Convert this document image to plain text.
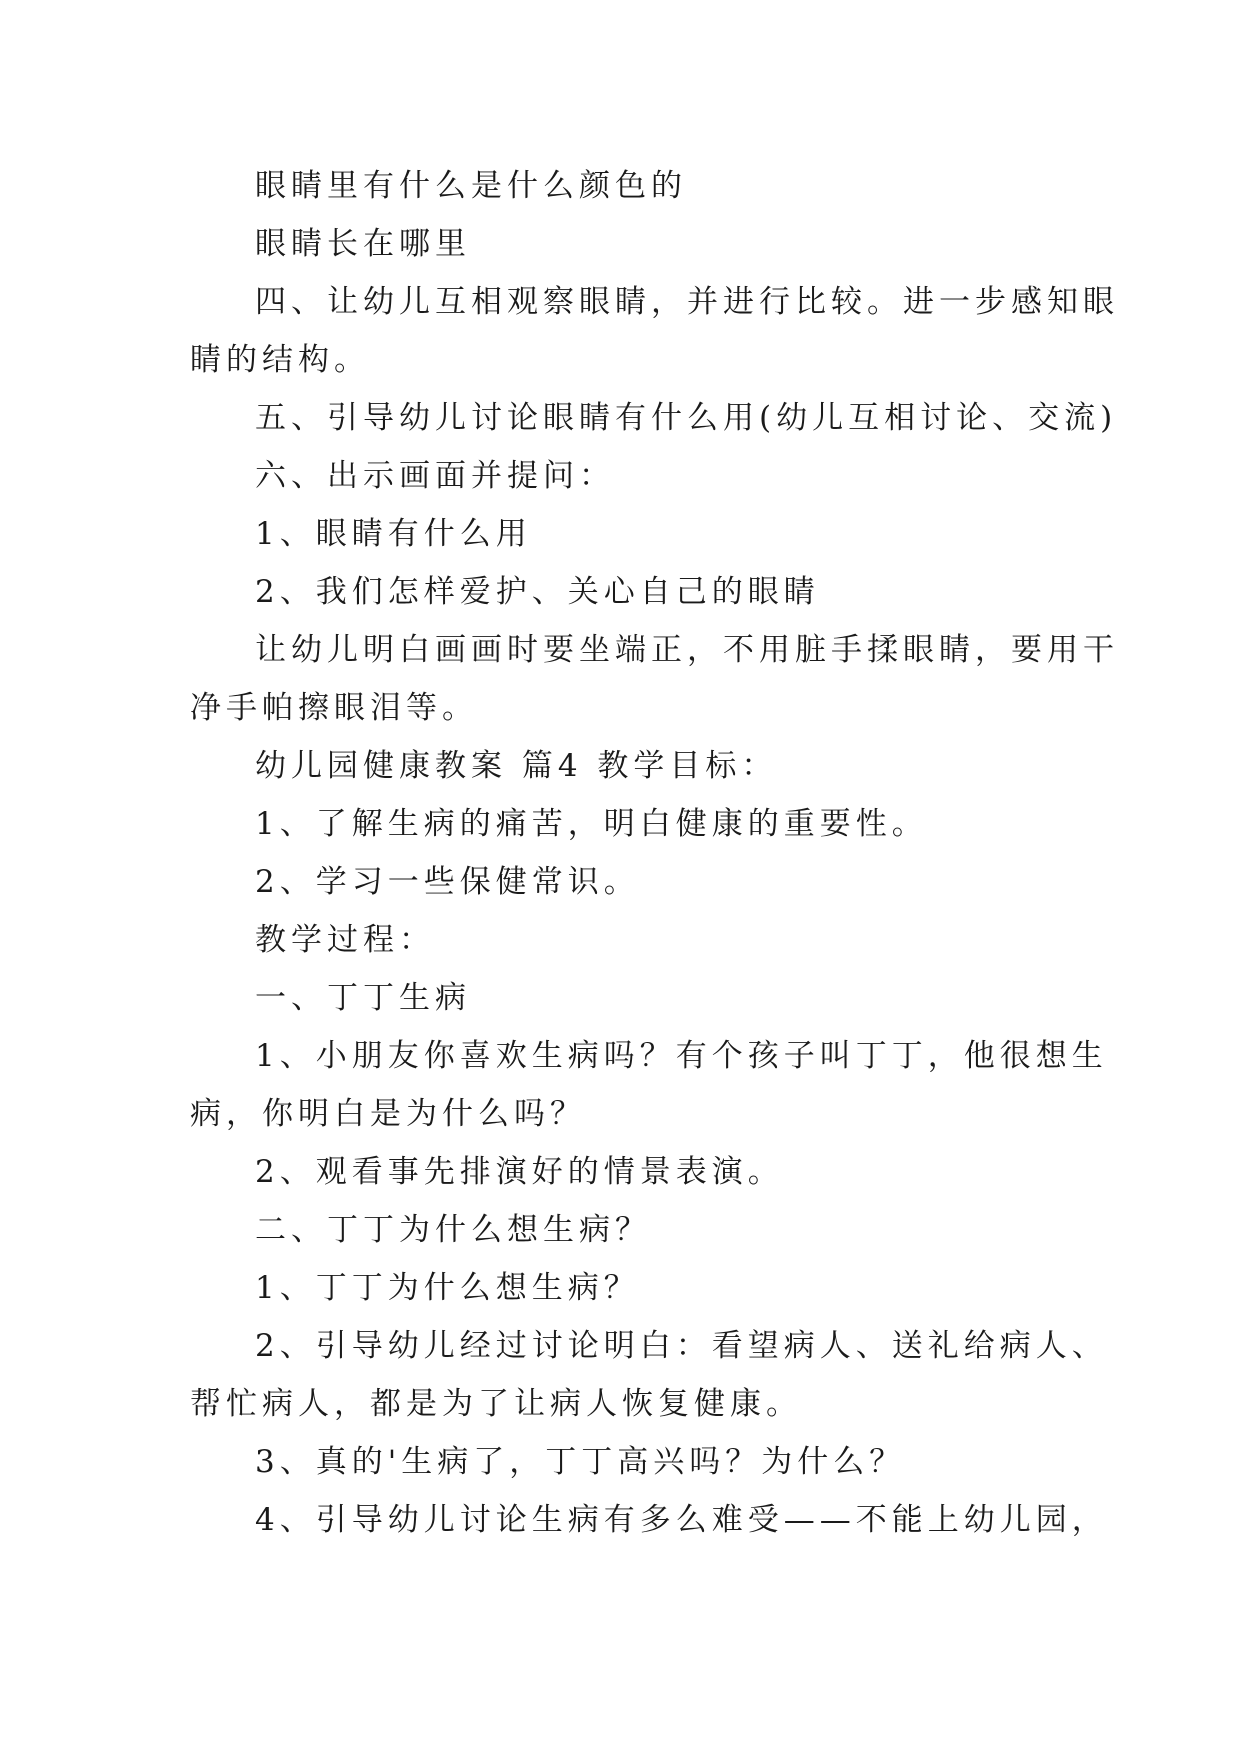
眼睛里有什么是什么颜色的
眼睛长在哪里
四、让幼儿互相观察眼睛，并进行比较。进一步感知眼
睛的结构。
五、引导幼儿讨论眼睛有什么用(幼儿互相讨论、交流)
六、出示画面并提问：
1、眼睛有什么用
2、我们怎样爱护、关心自己的眼睛
让幼儿明白画画时要坐端正，不用脏手揉眼睛，要用干
净手帕擦眼泪等。
幼儿园健康教案 篇4 教学目标：
1、了解生病的痛苦，明白健康的重要性。
2、学习一些保健常识。
教学过程：
一、丁丁生病
1、小朋友你喜欢生病吗？有个孩子叫丁丁，他很想生
病，你明白是为什么吗？
2、观看事先排演好的情景表演。
二、丁丁为什么想生病？
1、丁丁为什么想生病？
2、引导幼儿经过讨论明白：看望病人、送礼给病人、
帮忙病人，都是为了让病人恢复健康。
3、真的'生病了，丁丁高兴吗？为什么？
4、引导幼儿讨论生病有多么难受——不能上幼儿园，
